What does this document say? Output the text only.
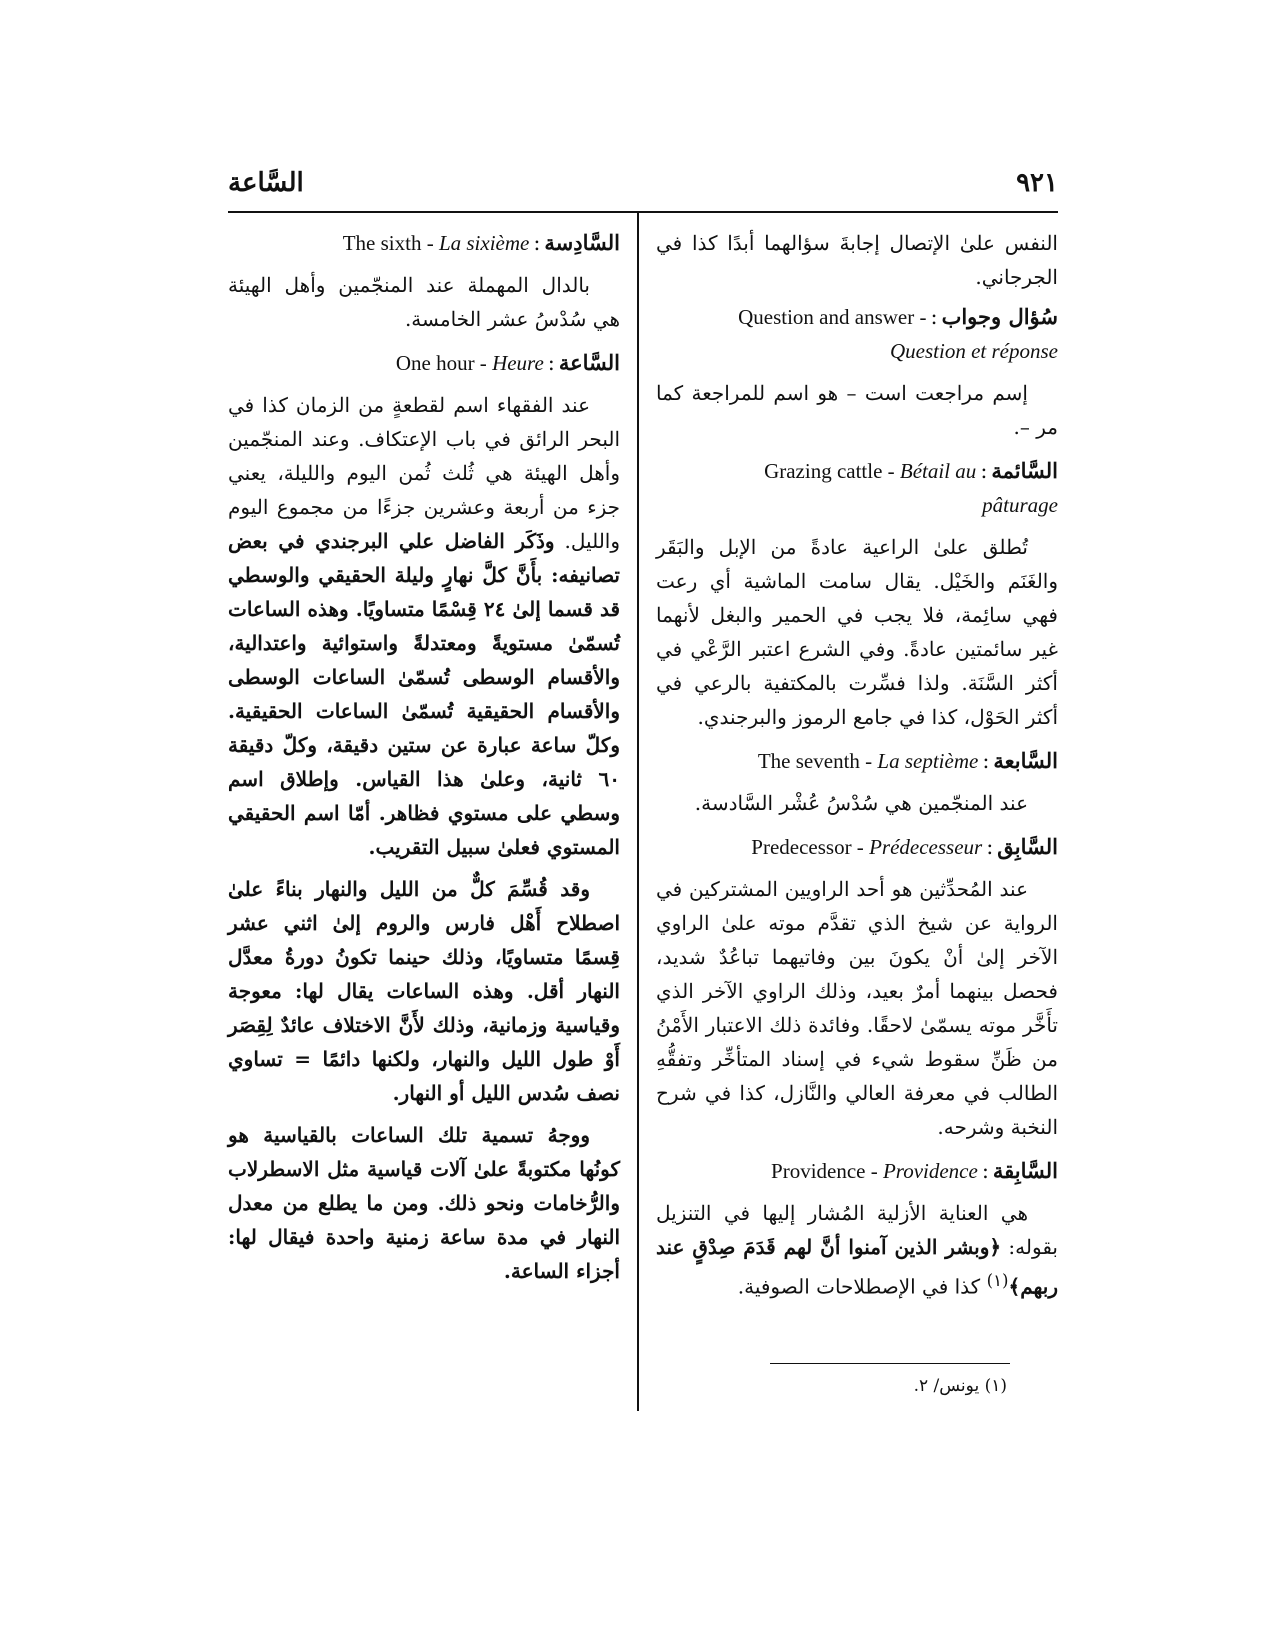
السَّاعة	٩٢١

النفس علىٰ الإتصال إجابةَ سؤالهما أبدًا كذا في الجرجاني.

سُؤال وجواب
:
Question and answer -
Question et réponse

إسم مراجعت است – هو اسم للمراجعة كما مر –.

السَّائمة
:
Grazing cattle - Bétail au
pâturage

تُطلق علىٰ الراعية عادةً من الإبل والبَقَر والغَنَم والخَيْل. يقال سامت الماشية أي رعت فهي سائِمة، فلا يجب في الحمير والبغل لأنهما غير سائمتين عادةً. وفي الشرع اعتبر الرَّعْي في أكثر السَّنَة. ولذا فسِّرت بالمكتفية بالرعي في أكثر الحَوْل، كذا في جامع الرموز والبرجندي.

السَّابعة
:
The seventh - La septième

عند المنجّمين هي سُدْسُ عُشْر السَّادسة.

السَّابِق
:
Predecessor - Prédecesseur

عند المُحدِّثين هو أحد الراويين المشتركين في الرواية عن شيخ الذي تقدَّم موته علىٰ الراوي الآخر إلىٰ أنْ يكونَ بين وفاتيهما تباعُدٌ شديد، فحصل بينهما أمرٌ بعيد، وذلك الراوي الآخر الذي تأَخَّر موته يسمّىٰ لاحقًا. وفائدة ذلك الاعتبار الأَمْنُ من ظَنِّ سقوط شيء في إسناد المتأخِّر وتفقُّهِ الطالب في معرفة العالي والنَّازل، كذا في شرح النخبة وشرحه.

السَّابِقة
:
Providence - Providence

هي العناية الأزلية المُشار إليها في التنزيل بقوله: ﴿وبشر الذين آمنوا أنَّ لهم قَدَمَ صِدْقٍ عند ربهم﴾$^{(١)}$ كذا في الإصطلاحات الصوفية.

السَّادِسة
:
The sixth - La sixième

بالدال المهملة عند المنجّمين وأهل الهيئة هي سُدْسُ عشر الخامسة.

السَّاعة
:
One hour - Heure

عند الفقهاء اسم لقطعةٍ من الزمان كذا في البحر الرائق في باب الإعتكاف. وعند المنجّمين وأهل الهيئة هي ثُلث ثُمن اليوم والليلة، يعني جزء من أربعة وعشرين جزءًا من مجموع اليوم والليل. وذَكَر الفاضل علي البرجندي في بعض تصانيفه: بأَنَّ كلَّ نهارٍ وليلة الحقيقي والوسطي قد قسما إلىٰ ٢٤ قِسْمًا متساويًا. وهذه الساعات تُسمّىٰ مستويةً ومعتدلةً واستوائية واعتدالية، والأقسام الوسطى تُسمّىٰ الساعات الوسطى والأقسام الحقيقية تُسمّىٰ الساعات الحقيقية. وكلّ ساعة عبارة عن ستين دقيقة، وكلّ دقيقة ٦٠ ثانية، وعلىٰ هذا القياس. وإطلاق اسم وسطي على مستوي فظاهر. أمّا اسم الحقيقي المستوي فعلىٰ سبيل التقريب.

وقد قُسِّمَ كلٌّ من الليل والنهار بناءً علىٰ اصطلاح أَهْل فارس والروم إلىٰ اثني عشر قِسمًا متساويًا، وذلك حينما تكونُ دورةُ معدَّل النهار أقل. وهذه الساعات يقال لها: معوجة وقياسية وزمانية، وذلك لأَنَّ الاختلاف عائدٌ لِقِصَر أَوْ طول الليل والنهار، ولكنها دائمًا = تساوي نصف سُدس الليل أو النهار.

ووجهُ تسمية تلك الساعات بالقياسية هو كونُها مكتوبةً علىٰ آلات قياسية مثل الاسطرلاب والرُّخامات ونحو ذلك. ومن ما يطلع من معدل النهار في مدة ساعة زمنية واحدة فيقال لها: أجزاء الساعة.

(١) يونس/ ٢.
